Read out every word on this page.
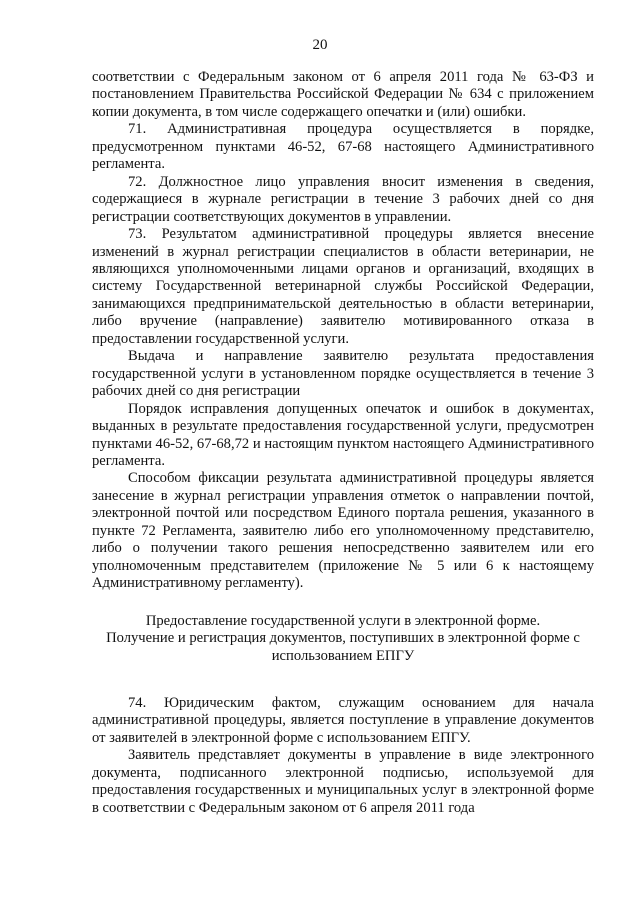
20

соответствии с Федеральным законом от 6 апреля 2011 года № 63-ФЗ и постановлением Правительства Российской Федерации № 634 с приложением копии документа, в том числе содержащего опечатки и (или) ошибки.

71. Административная процедура осуществляется в порядке, предусмотренном пунктами 46-52, 67-68 настоящего Административного регламента.

72. Должностное лицо управления вносит изменения в сведения, содержащиеся в журнале регистрации в течение 3 рабочих дней со дня регистрации соответствующих документов в управлении.

73. Результатом административной процедуры является внесение изменений в журнал регистрации специалистов в области ветеринарии, не являющихся уполномоченными лицами органов и организаций, входящих в систему Государственной ветеринарной службы Российской Федерации, занимающихся предпринимательской деятельностью в области ветеринарии, либо вручение (направление) заявителю мотивированного отказа в предоставлении государственной услуги.

Выдача и направление заявителю результата предоставления государственной услуги в установленном порядке осуществляется в течение 3 рабочих дней со дня регистрации

Порядок исправления допущенных опечаток и ошибок в документах, выданных в результате предоставления государственной услуги, предусмотрен пунктами 46-52, 67-68,72 и настоящим пунктом настоящего Административного регламента.

Способом фиксации результата административной процедуры является занесение в журнал регистрации управления отметок о направлении почтой, электронной почтой или посредством Единого портала решения, указанного в пункте 72 Регламента, заявителю либо его уполномоченному представителю, либо о получении такого решения непосредственно заявителем или его уполномоченным представителем (приложение № 5 или 6 к настоящему Административному регламенту).

Предоставление государственной услуги в электронной форме.
Получение и регистрация документов, поступивших в электронной форме с
использованием ЕПГУ

74. Юридическим фактом, служащим основанием для начала административной процедуры, является поступление в управление документов от заявителей в электронной форме с использованием ЕПГУ.

Заявитель представляет документы в управление в виде электронного документа, подписанного электронной подписью, используемой для предоставления государственных и муниципальных услуг в электронной форме в соответствии с Федеральным законом от 6 апреля 2011 года
